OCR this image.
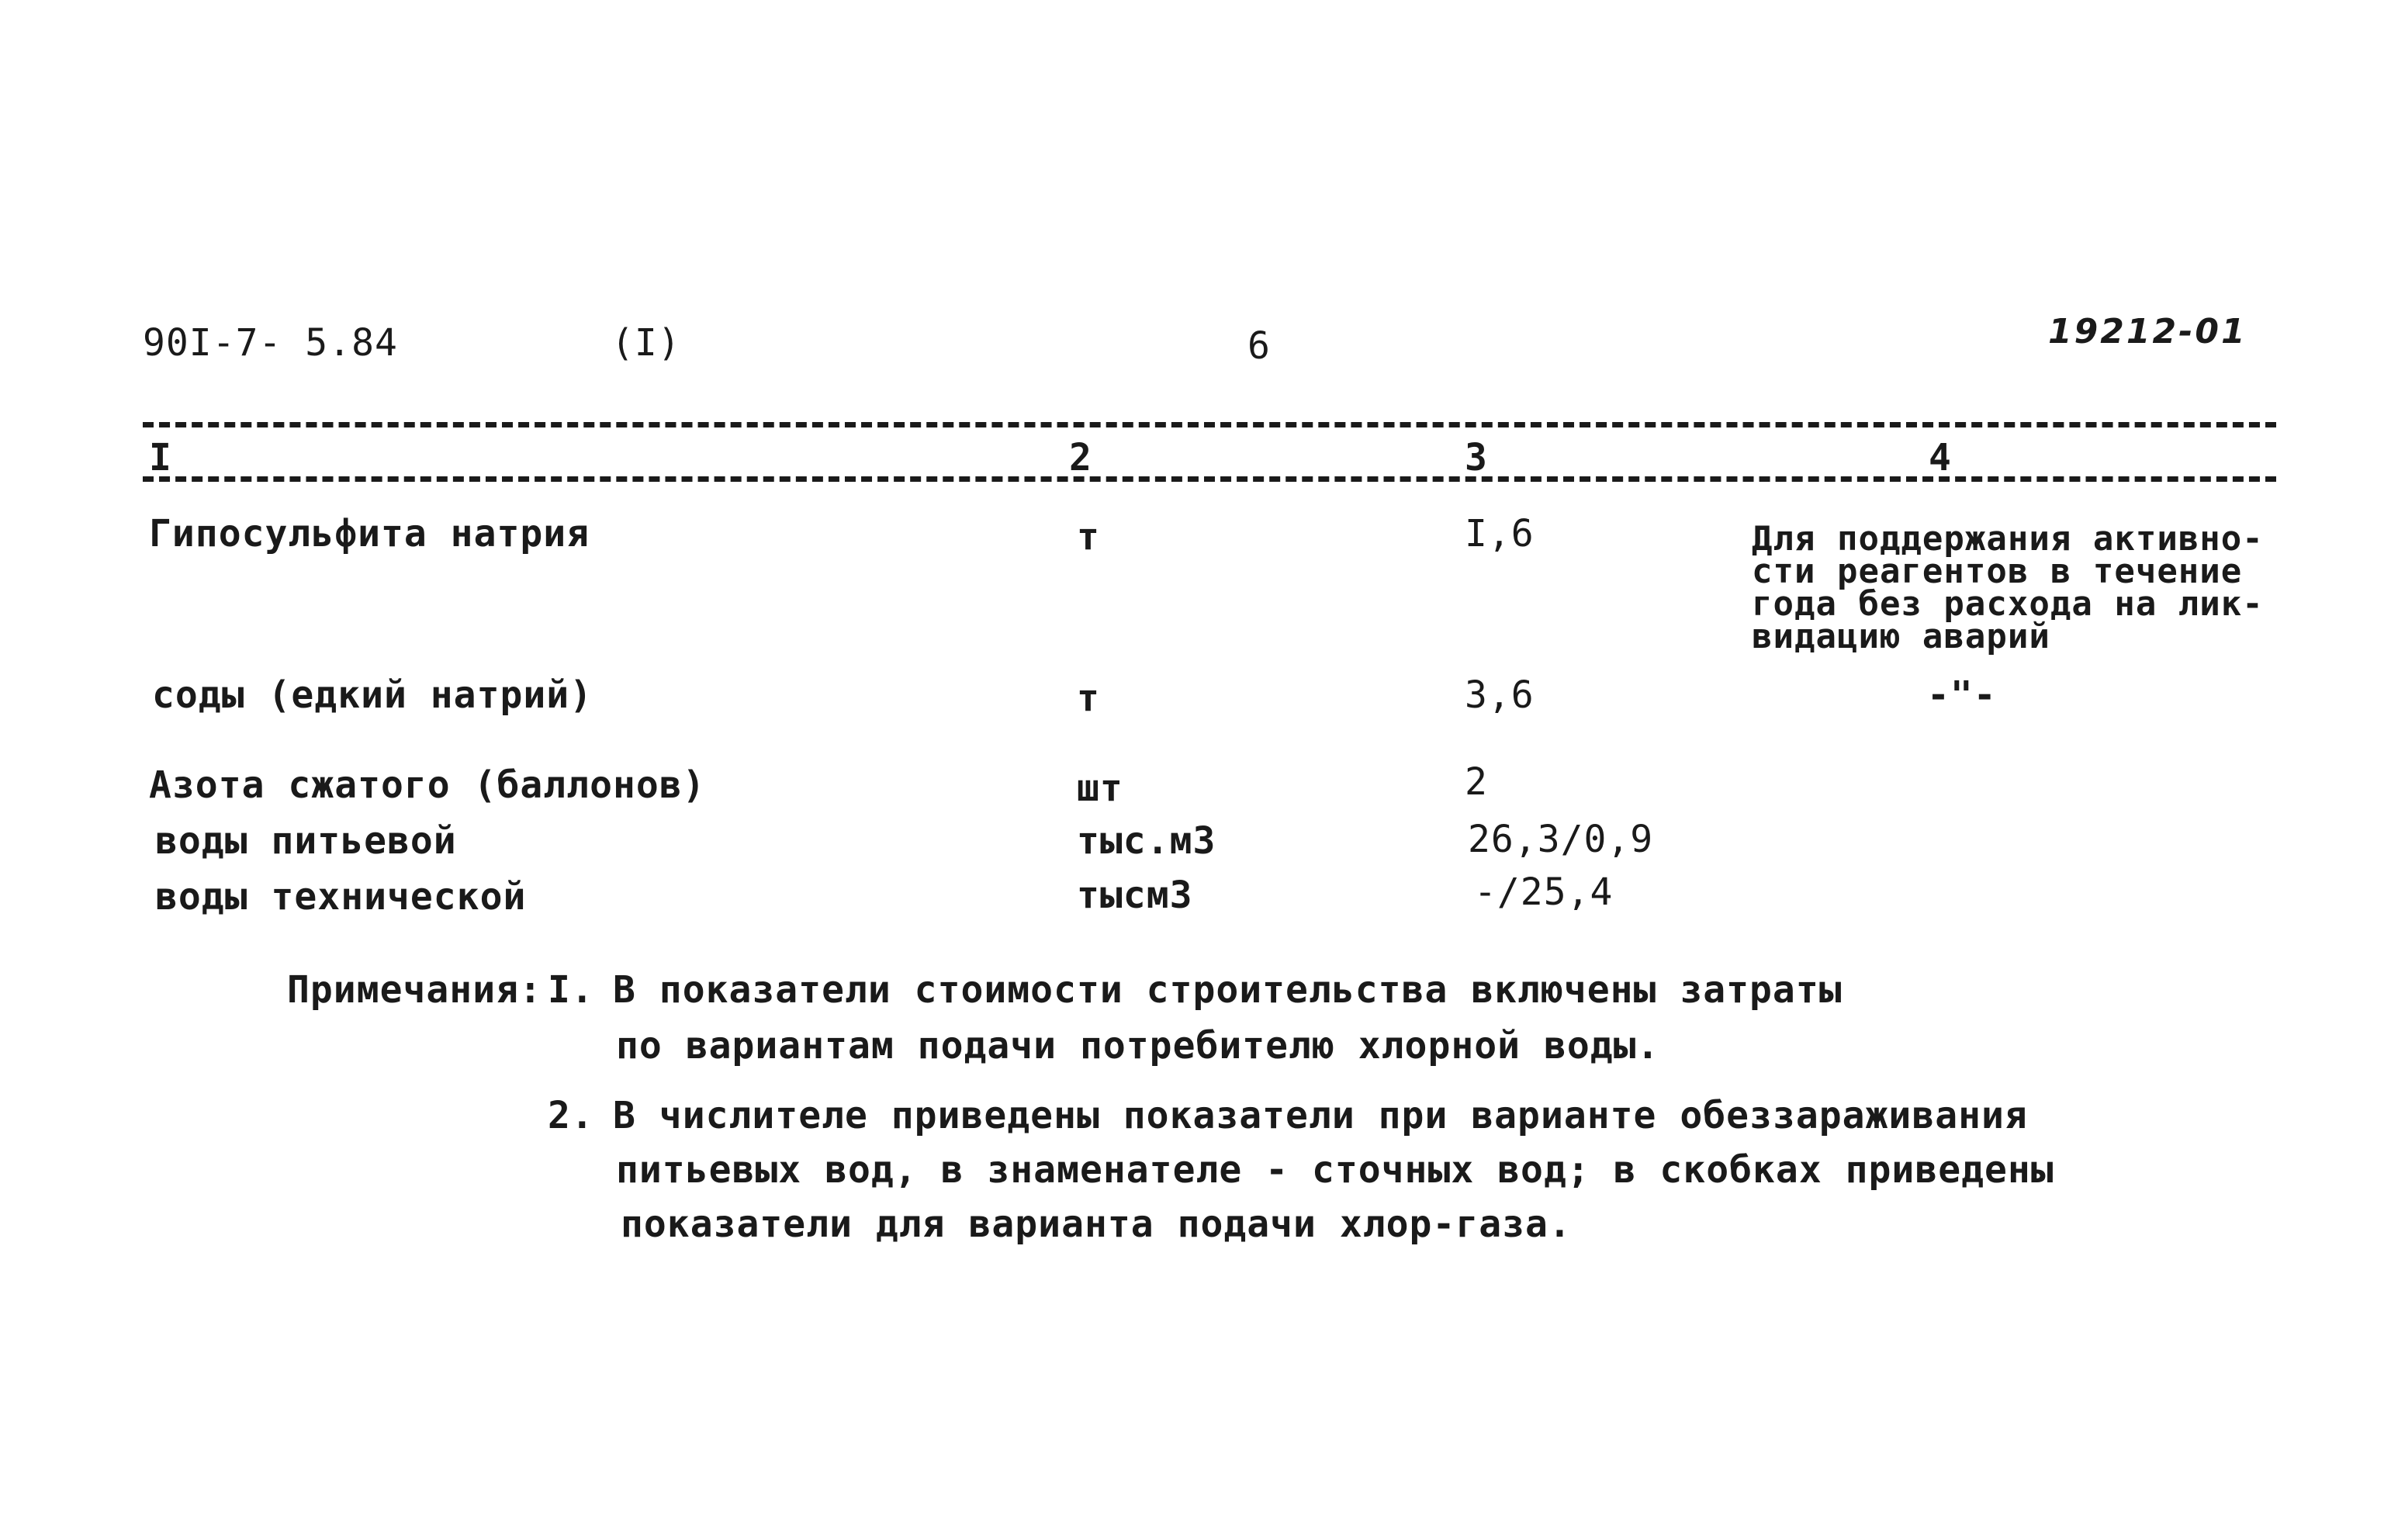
90I-7- 5.84	(I)	6	19212-01
I	2	3	4
Гипосульфита натрия	т	I,6	Для поддержания активно-
сти реагентов в течение
года без расхода на лик-
видацию аварий
соды (едкий натрий)	т	3,6	-"-
Азота сжатого (баллонов)	шт	2
воды питьевой	тыс.м3	26,3/0,9
воды технической	тысм3	-/25,4
Примечания: I. В показатели стоимости строительства включены затраты
по вариантам подачи потребителю хлорной воды.
2. В числителе приведены показатели при варианте обеззараживания
питьевых вод, в знаменателе - сточных вод; в скобках приведены
показатели для варианта подачи хлор-газа.
